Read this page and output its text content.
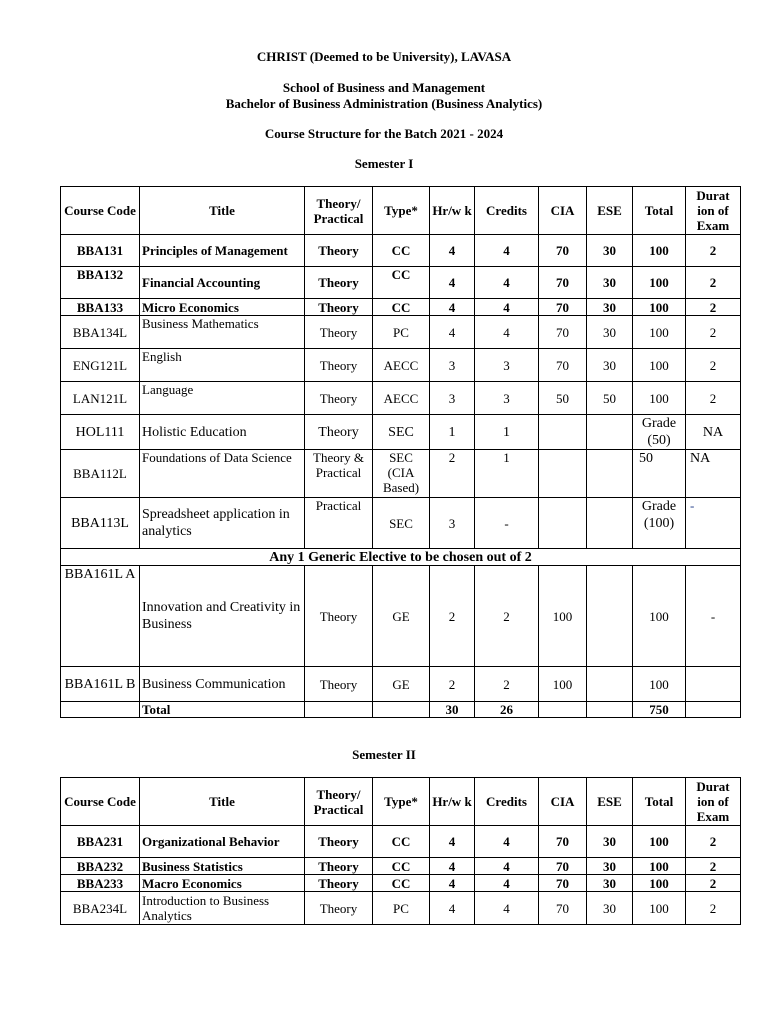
CHRIST (Deemed to be University), LAVASA
School of Business and Management
Bachelor of Business Administration (Business Analytics)
Course Structure for the Batch 2021 - 2024
Semester I
Course Code	Title	Theory/ Practical	Type*	Hr/w k	Credits	CIA	ESE	Total	Durat ion of Exam
BBA131	Principles of Management	Theory	CC	4	4	70	30	100	2
BBA132	Financial Accounting	Theory	CC	4	4	70	30	100	2
BBA133	Micro Economics	Theory	CC	4	4	70	30	100	2
BBA134L	Business Mathematics	Theory	PC	4	4	70	30	100	2
ENG121L	English	Theory	AECC	3	3	70	30	100	2
LAN121L	Language	Theory	AECC	3	3	50	50	100	2
HOL111	Holistic Education	Theory	SEC	1	1			Grade (50)	NA
BBA112L	Foundations of Data Science	Theory & Practical	SEC (CIA Based)	2	1			50	NA
BBA113L	Spreadsheet application in analytics	Practical	SEC	3	-			Grade (100)	-
Any 1 Generic Elective to be chosen out of 2									
BBA161L A	Innovation and Creativity in Business	Theory	GE	2	2	100		100	-
BBA161L B	Business Communication	Theory	GE	2	2	100		100	
	Total			30	26			750	
Semester II
Course Code	Title	Theory/ Practical	Type*	Hr/w k	Credits	CIA	ESE	Total	Durat ion of Exam
BBA231	Organizational Behavior	Theory	CC	4	4	70	30	100	2
BBA232	Business Statistics	Theory	CC	4	4	70	30	100	2
BBA233	Macro Economics	Theory	CC	4	4	70	30	100	2
BBA234L	Introduction to Business Analytics	Theory	PC	4	4	70	30	100	2
